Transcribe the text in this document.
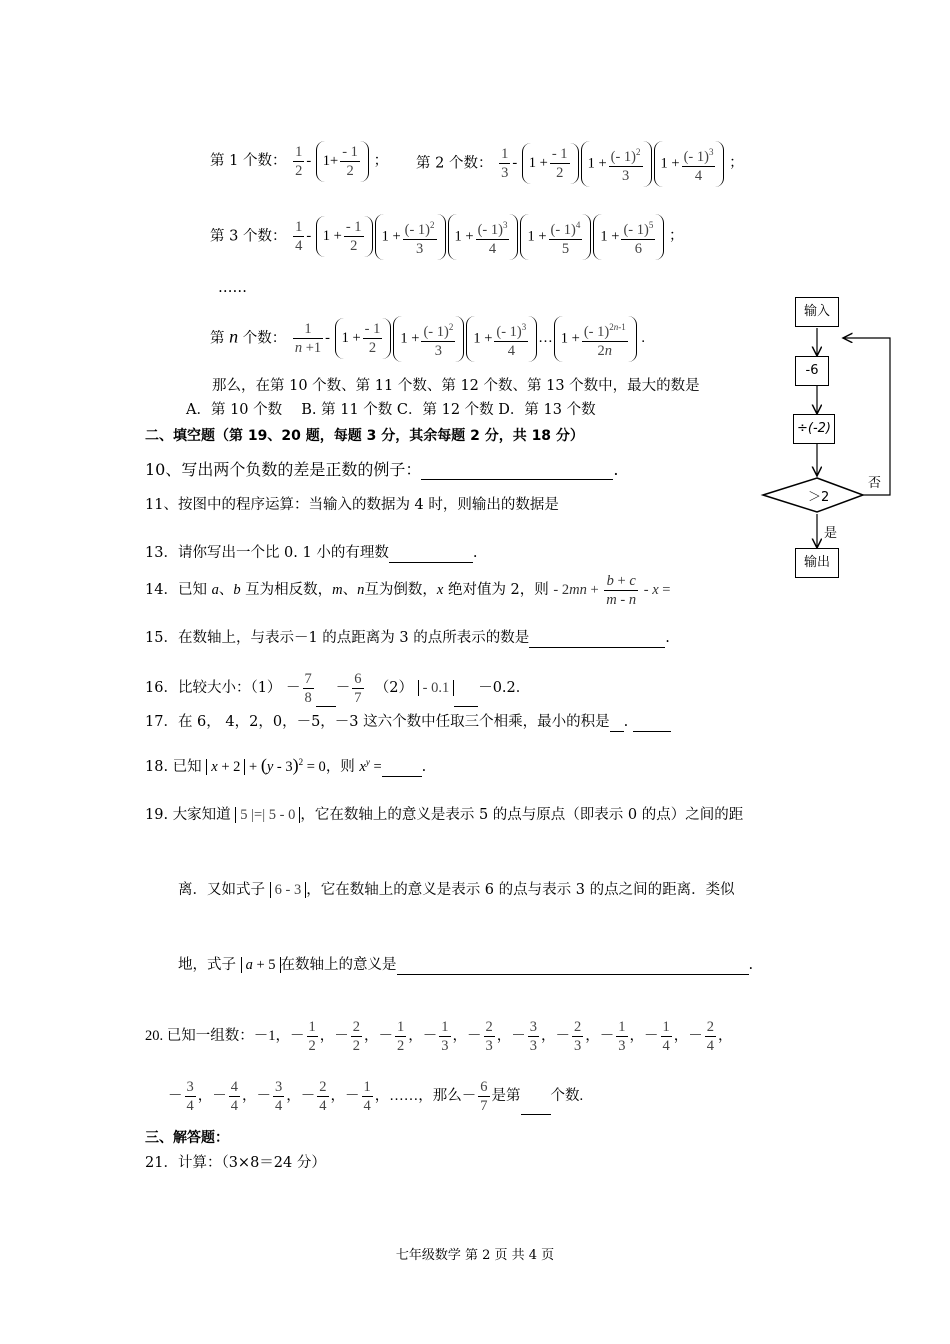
第 1 个数： $\frac{1}{2} - 1+ \frac{- 1}{2}$ ； 第 2 个数： $\frac{1}{3} - 1 + \frac{- 1}{2} 1 + \frac{(- 1)^2}{3} 1 + \frac{(- 1)^3}{4}$ ；
第 3 个数： $\frac{1}{4} - 1 + \frac{- 1}{2} 1 + \frac{(- 1)^2}{3} 1 + \frac{(- 1)^3}{4} 1 + \frac{(- 1)^4}{5} 1 + \frac{(- 1)^5}{6}$ ；
……
第 n 个数： $\frac{1}{n +1} - 1 + \frac{- 1}{2} 1 + \frac{(- 1)^2}{3} 1 + \frac{(- 1)^3}{4}$ … $1 + \frac{(- 1)^{2n-1}}{2n}$ .
那么，在第 10 个数、第 11 个数、第 12 个数、第 13 个数中，最大的数是
A．第 10 个数　 B. 第 11 个数 C．第 12 个数 D．第 13 个数
二、填空题（第 19、20 题，每题 3 分，其余每题 2 分，共 18 分）
10、写出两个负数的差是正数的例子：	.
11、按图中的程序运算：当输入的数据为 4 时，则输出的数据是
13．请你写出一个比 0. 1 小的有理数	.
14．已知 a、b 互为相反数，m、n互为倒数，x 绝对值为 2，则 - $2mn + \frac{b + c}{m - n} - x$ =
15．在数轴上，与表示－1 的点距离为 3 的点所表示的数是	.
16．比较大小：$(1) - \frac{7}{8} - \frac{6}{7} (2) - 0.1 -0.2$．
17．在 6， 4，2，0，－5，－3 这六个数中任取三个相乘，最小的积是 .
18. 已知 x + 2 + (y - 3)$^2$ = 0，则 $x^y$ =	.
19. 大家知道 5 |=| 5 - 0 ，它在数轴上的意义是表示 5 的点与原点（即表示 0 的点）之间的距
离．又如式子 6 - 3 ，它在数轴上的意义是表示 6 的点与表示 3 的点之间的距离．类似
地，式子 a + 5 在数轴上的意义是	.
20. 已知一组数：－1，－ $\frac{1}{2}$ ，－ $\frac{2}{2}$ ，－ $\frac{1}{2}$ ，－ $\frac{1}{3}$ ，－ $\frac{2}{3}$ ，－ $\frac{3}{3}$ ，－ $\frac{2}{3}$ ，－ $\frac{1}{3}$ ，－ $\frac{1}{4}$ ，－ $\frac{2}{4}$ ，
－ $\frac{3}{4}$ ，－ $\frac{4}{4}$ ，－ $\frac{3}{4}$ ，－ $\frac{2}{4}$ ，－ $\frac{1}{4}$ ，……，那么－ $\frac{6}{7}$ 是第 个数.
三、解答题：
21．计算：（3×8＝24 分）
输入
-6
÷(-2)
＞2
否
是
输出
七年级数学 第 2 页 共 4 页
